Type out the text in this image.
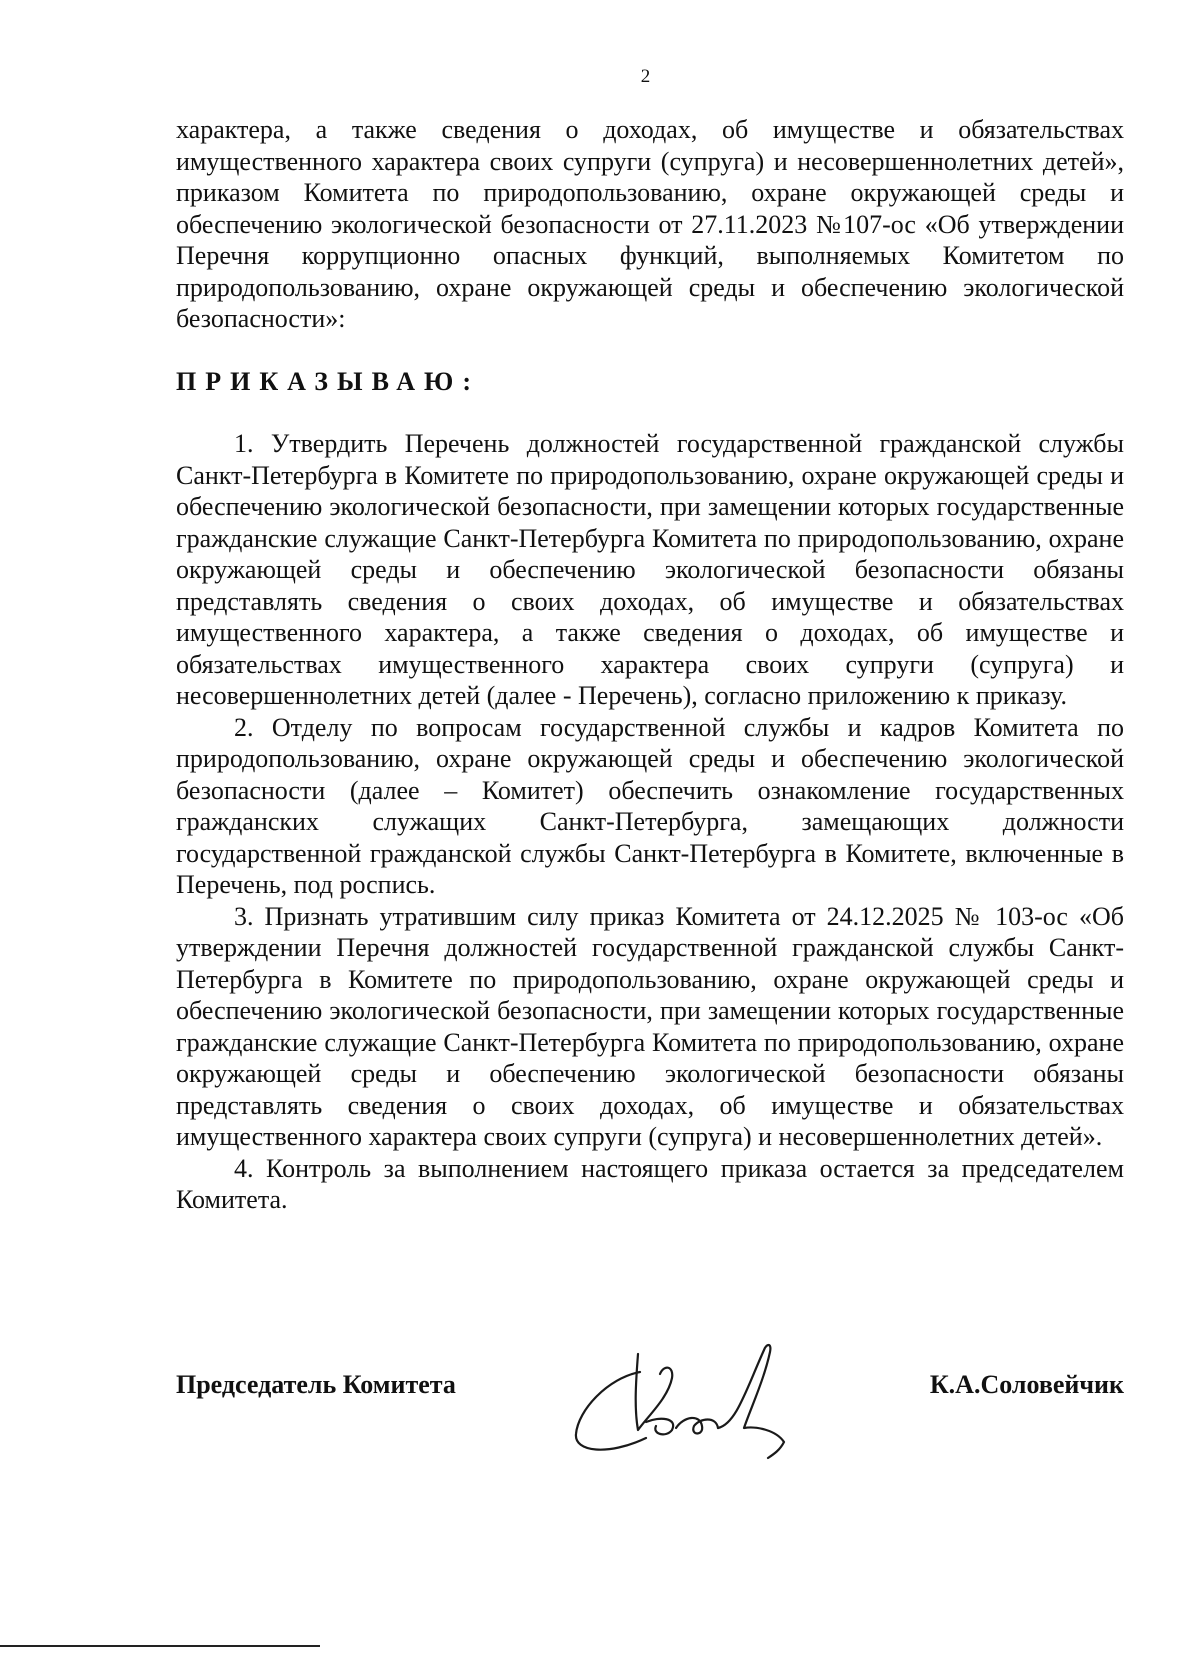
2

характера, а также сведения о доходах, об имуществе и обязательствах имущественного характера своих супруги (супруга) и несовершеннолетних детей», приказом Комитета по природопользованию, охране окружающей среды и обеспечению экологической безопасности от 27.11.2023 №107-ос «Об утверждении Перечня коррупционно опасных функций, выполняемых Комитетом по природопользованию, охране окружающей среды и обеспечению экологической безопасности»:

ПРИКАЗЫВАЮ:

1. Утвердить Перечень должностей государственной гражданской службы Санкт-Петербурга в Комитете по природопользованию, охране окружающей среды и обеспечению экологической безопасности, при замещении которых государственные гражданские служащие Санкт-Петербурга Комитета по природопользованию, охране окружающей среды и обеспечению экологической безопасности обязаны представлять сведения о своих доходах, об имуществе и обязательствах имущественного характера, а также сведения о доходах, об имуществе и обязательствах имущественного характера своих супруги (супруга) и несовершеннолетних детей (далее - Перечень), согласно приложению к приказу.

2. Отделу по вопросам государственной службы и кадров Комитета по природопользованию, охране окружающей среды и обеспечению экологической безопасности (далее – Комитет) обеспечить ознакомление государственных гражданских служащих Санкт-Петербурга, замещающих должности государственной гражданской службы Санкт-Петербурга в Комитете, включенные в Перечень, под роспись.

3. Признать утратившим силу приказ Комитета от 24.12.2025 № 103-ос «Об утверждении Перечня должностей государственной гражданской службы Санкт-Петербурга в Комитете по природопользованию, охране окружающей среды и обеспечению экологической безопасности, при замещении которых государственные гражданские служащие Санкт-Петербурга Комитета по природопользованию, охране окружающей среды и обеспечению экологической безопасности обязаны представлять сведения о своих доходах, об имуществе и обязательствах имущественного характера своих супруги (супруга) и несовершеннолетних детей».

4. Контроль за выполнением настоящего приказа остается за председателем Комитета.

Председатель Комитета	К.А.Соловейчик
